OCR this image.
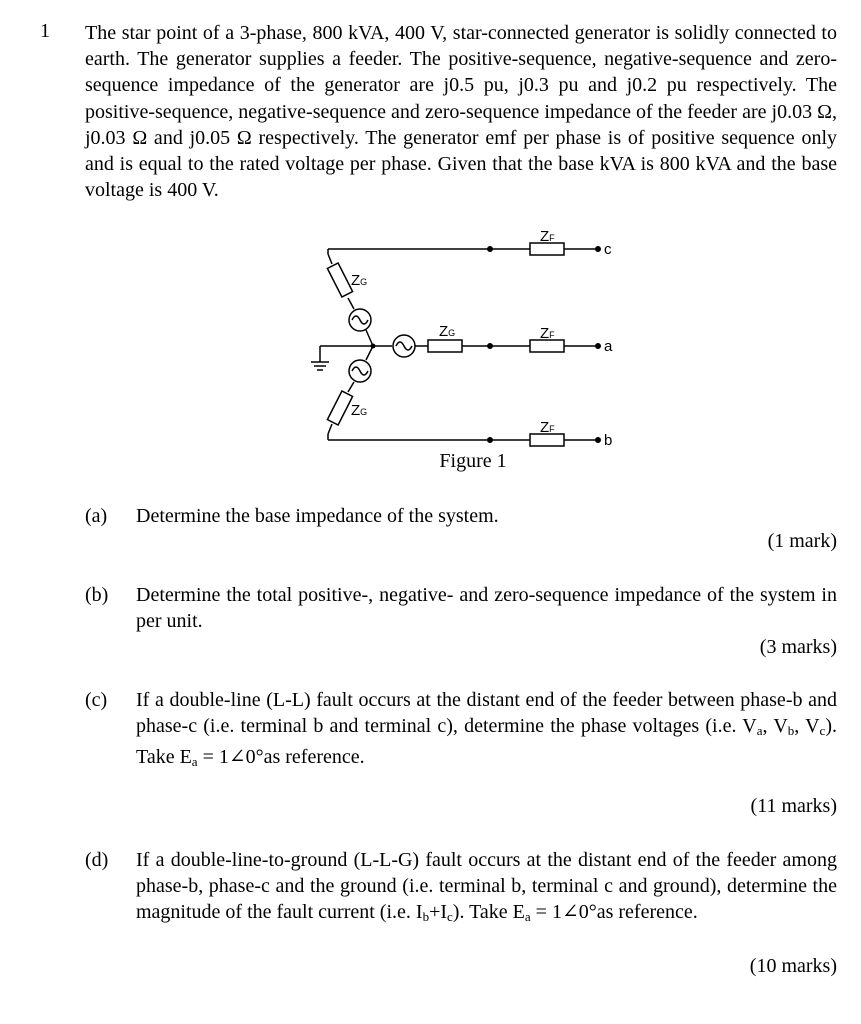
1 The star point of a 3-phase, 800 kVA, 400 V, star-connected generator is solidly connected to earth. The generator supplies a feeder. The positive-sequence, negative-sequence and zero-sequence impedance of the generator are j0.5 pu, j0.3 pu and j0.2 pu respectively. The positive-sequence, negative-sequence and zero-sequence impedance of the feeder are j0.03 Ω, j0.03 Ω and j0.05 Ω respectively. The generator emf per phase is of positive sequence only and is equal to the rated voltage per phase. Given that the base kVA is 800 kVA and the base voltage is 400 V.
ZF
ZF
ZF
ZG
ZG
ZG
c
a
b
Figure 1
(a)	Determine the base impedance of the system.
(1 mark)
(b)	Determine the total positive-, negative- and zero-sequence impedance of the system in per unit.
(3 marks)
(c)	If a double-line (L-L) fault occurs at the distant end of the feeder between phase-b and phase-c (i.e. terminal b and terminal c), determine the phase voltages (i.e. $V_a$, $V_b$, $V_c$). Take $E_a$ = 1∠0°as reference.
(11 marks)
(d)	If a double-line-to-ground (L-L-G) fault occurs at the distant end of the feeder among phase-b, phase-c and the ground (i.e. terminal b, terminal c and ground), determine the magnitude of the fault current (i.e. $I_b+I_c$). Take $E_a$ = 1∠0°as reference.
(10 marks)
